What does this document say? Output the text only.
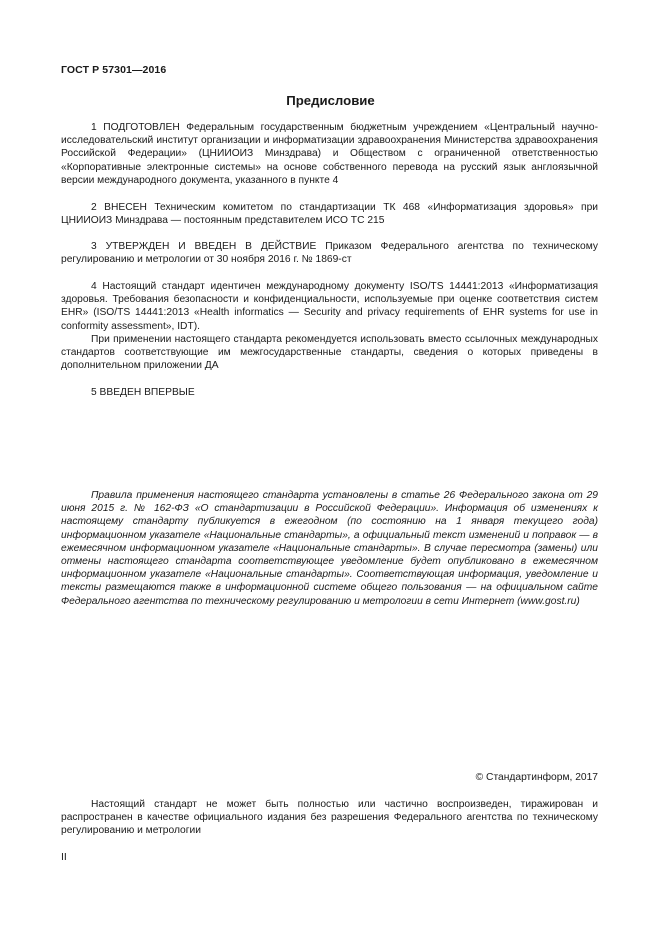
ГОСТ Р 57301—2016
Предисловие

1 ПОДГОТОВЛЕН Федеральным государственным бюджетным учреждением «Центральный научно-исследовательский институт организации и информатизации здравоохранения Министерства здравоохранения Российской Федерации» (ЦНИИОИЗ Минздрава) и Обществом с ограниченной ответственностью «Корпоративные электронные системы» на основе собственного перевода на русский язык англоязычной версии международного документа, указанного в пункте 4

2 ВНЕСЕН Техническим комитетом по стандартизации ТК 468 «Информатизация здоровья» при ЦНИИОИЗ Минздрава — постоянным представителем ИСО ТС 215

3 УТВЕРЖДЕН И ВВЕДЕН В ДЕЙСТВИЕ Приказом Федерального агентства по техническому регулированию и метрологии от 30 ноября 2016 г. № 1869-ст

4 Настоящий стандарт идентичен международному документу ISO/TS 14441:2013 «Информатизация здоровья. Требования безопасности и конфиденциальности, используемые при оценке соответствия систем EHR» (ISO/TS 14441:2013 «Health informatics — Security and privacy requirements of EHR systems for use in conformity assessment», IDT).

При применении настоящего стандарта рекомендуется использовать вместо ссылочных международных стандартов соответствующие им межгосударственные стандарты, сведения о которых приведены в дополнительном приложении ДА

5 ВВЕДЕН ВПЕРВЫЕ

Правила применения настоящего стандарта установлены в статье 26 Федерального закона от 29 июня 2015 г. № 162-ФЗ «О стандартизации в Российской Федерации». Информация об изменениях к настоящему стандарту публикуется в ежегодном (по состоянию на 1 января текущего года) информационном указателе «Национальные стандарты», а официальный текст изменений и поправок — в ежемесячном информационном указателе «Национальные стандарты». В случае пересмотра (замены) или отмены настоящего стандарта соответствующее уведомление будет опубликовано в ежемесячном информационном указателе «Национальные стандарты». Соответствующая информация, уведомление и тексты размещаются также в информационной системе общего пользования — на официальном сайте Федерального агентства по техническому регулированию и метрологии в сети Интернет (www.gost.ru)

© Стандартинформ, 2017

Настоящий стандарт не может быть полностью или частично воспроизведен, тиражирован и распространен в качестве официального издания без разрешения Федерального агентства по техническому регулированию и метрологии

II
